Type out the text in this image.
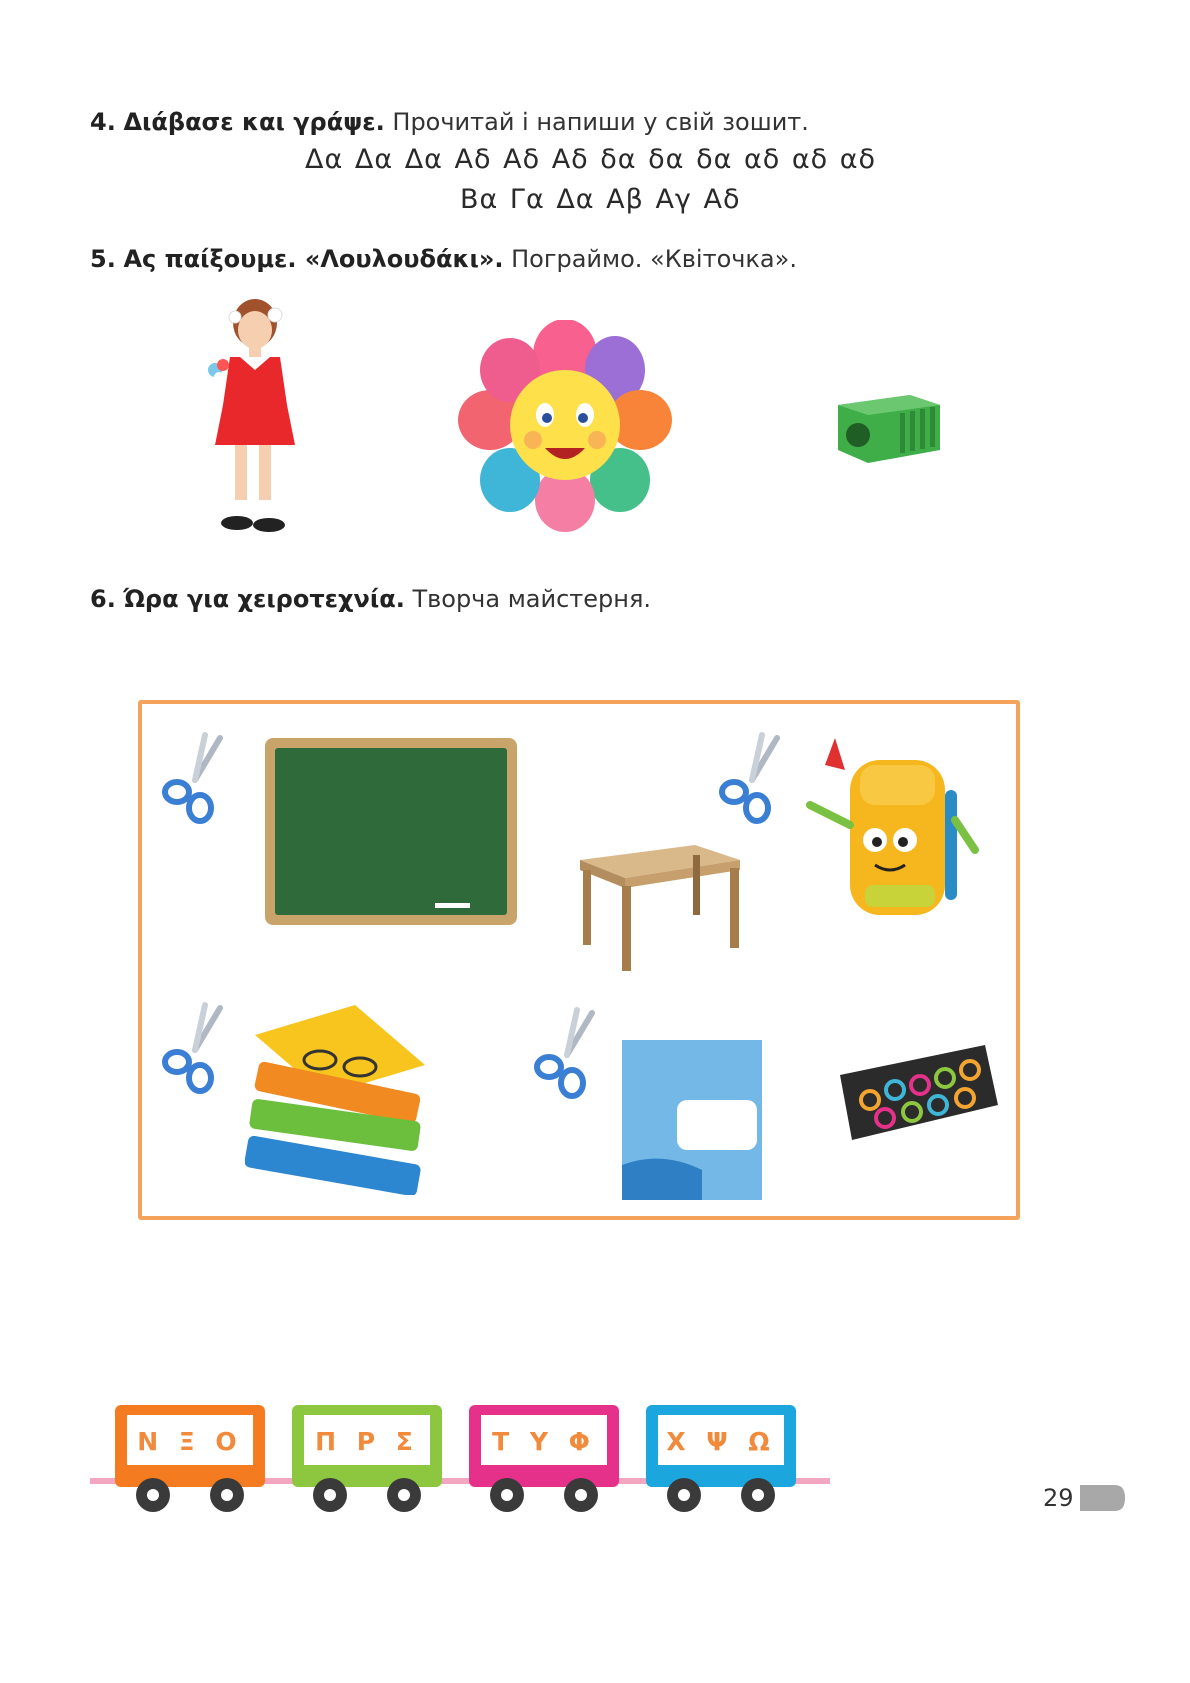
4. Διάβασε και γράψε. Прочитай і напиши у свій зошит.
Δα Δα Δα Αδ Αδ Αδ δα δα δα αδ αδ αδ
Βα Γα Δα Αβ Αγ Αδ
5. Ας παίξουμε. «Λουλουδάκι». Пограймо. «Квіточка».
6. Ώρα για χειροτεχνία. Творча майстерня.
Ν Ξ Ο	Π Ρ Σ	Τ Υ Φ	Χ Ψ Ω
29
